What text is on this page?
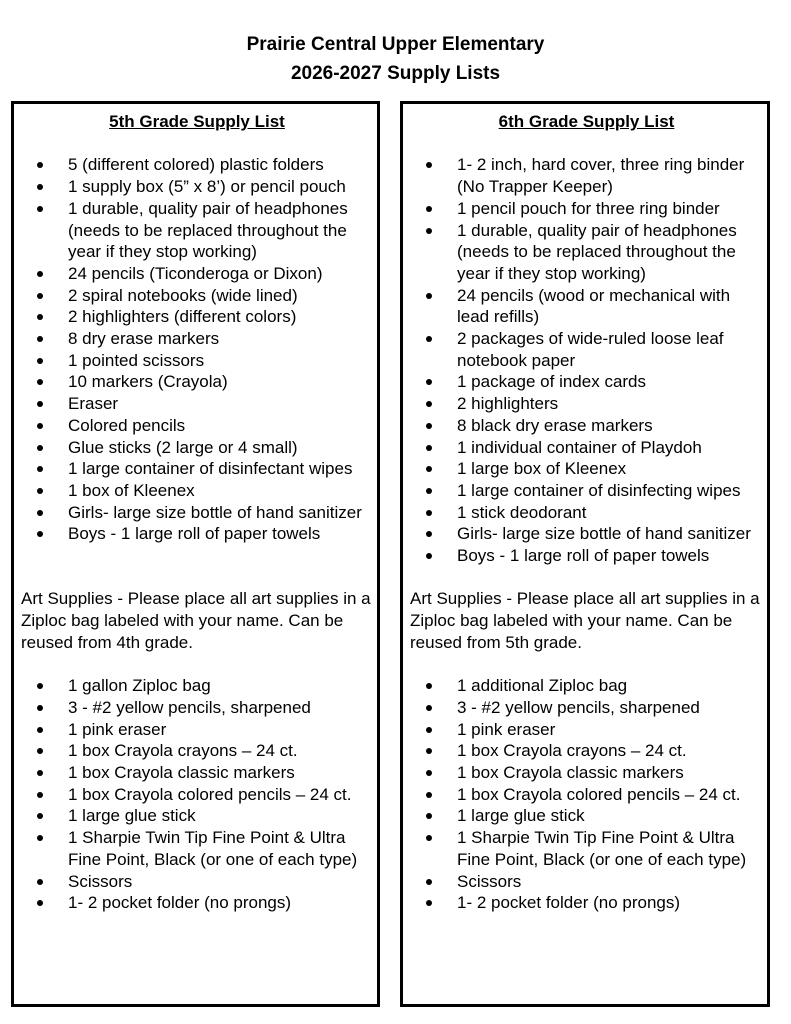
Prairie Central Upper Elementary
2026-2027 Supply Lists
5th Grade Supply List
5 (different colored) plastic folders
1 supply box (5” x 8’) or pencil pouch
1 durable, quality pair of headphones (needs to be replaced throughout the year if they stop working)
24 pencils (Ticonderoga or Dixon)
2 spiral notebooks (wide lined)
2 highlighters (different colors)
8 dry erase markers
1 pointed scissors
10 markers (Crayola)
Eraser
Colored pencils
Glue sticks (2 large or 4 small)
1 large container of disinfectant wipes
1 box of Kleenex
Girls- large size bottle of hand sanitizer
Boys - 1 large roll of paper towels

Art Supplies - Please place all art supplies in a Ziploc bag labeled with your name. Can be reused from 4th grade.

1 gallon Ziploc bag
3 - #2 yellow pencils, sharpened
1 pink eraser
1 box Crayola crayons – 24 ct.
1 box Crayola classic markers
1 box Crayola colored pencils – 24 ct.
1 large glue stick
1 Sharpie Twin Tip Fine Point & Ultra Fine Point, Black (or one of each type)
Scissors
1- 2 pocket folder (no prongs)
6th Grade Supply List
1- 2 inch, hard cover, three ring binder (No Trapper Keeper)
1 pencil pouch for three ring binder
1 durable, quality pair of headphones (needs to be replaced throughout the year if they stop working)
24 pencils (wood or mechanical with lead refills)
2 packages of wide-ruled loose leaf notebook paper
1 package of index cards
2 highlighters
8 black dry erase markers
1 individual container of Playdoh
1 large box of Kleenex
1 large container of disinfecting wipes
1 stick deodorant
Girls- large size bottle of hand sanitizer
Boys - 1 large roll of paper towels

Art Supplies - Please place all art supplies in a Ziploc bag labeled with your name. Can be reused from 5th grade.

1 additional Ziploc bag
3 - #2 yellow pencils, sharpened
1 pink eraser
1 box Crayola crayons – 24 ct.
1 box Crayola classic markers
1 box Crayola colored pencils – 24 ct.
1 large glue stick
1 Sharpie Twin Tip Fine Point & Ultra Fine Point, Black (or one of each type)
Scissors
1- 2 pocket folder (no prongs)
